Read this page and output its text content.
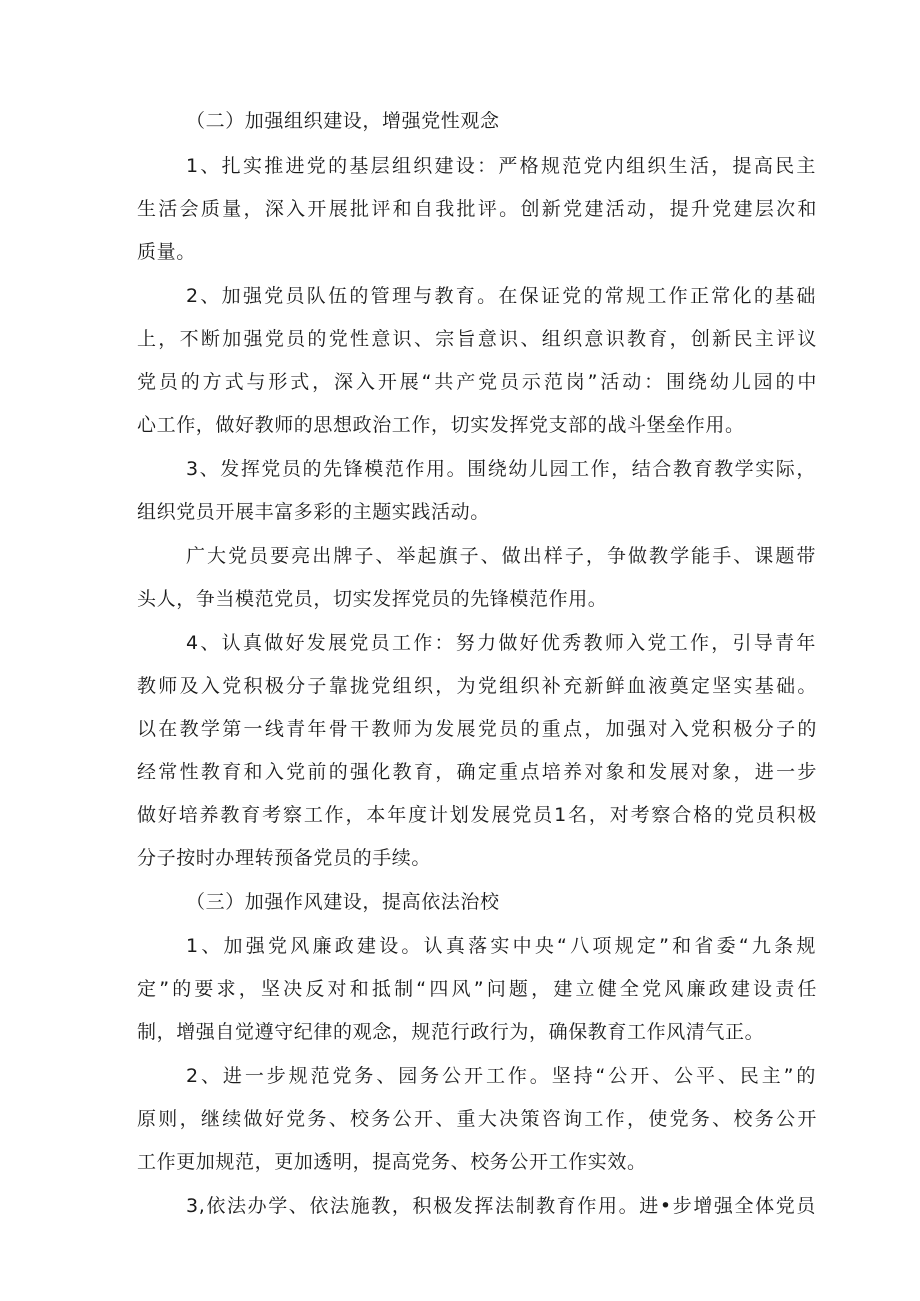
（二）加强组织建设，增强党性观念
1、扎实推进党的基层组织建设：严格规范党内组织生活，提高民主
生活会质量，深入开展批评和自我批评。创新党建活动，提升党建层次和
质量。
2、加强党员队伍的管理与教育。在保证党的常规工作正常化的基础
上，不断加强党员的党性意识、宗旨意识、组织意识教育，创新民主评议
党员的方式与形式，深入开展“共产党员示范岗”活动：围绕幼儿园的中
心工作，做好教师的思想政治工作，切实发挥党支部的战斗堡垒作用。
3、发挥党员的先锋模范作用。围绕幼儿园工作，结合教育教学实际，
组织党员开展丰富多彩的主题实践活动。
广大党员要亮出牌子、举起旗子、做出样子，争做教学能手、课题带
头人，争当模范党员，切实发挥党员的先锋模范作用。
4、认真做好发展党员工作：努力做好优秀教师入党工作，引导青年
教师及入党积极分子靠拢党组织，为党组织补充新鲜血液奠定坚实基础。
以在教学第一线青年骨干教师为发展党员的重点，加强对入党积极分子的
经常性教育和入党前的强化教育，确定重点培养对象和发展对象，进一步
做好培养教育考察工作，本年度计划发展党员1名，对考察合格的党员积极
分子按时办理转预备党员的手续。
（三）加强作风建设，提高依法治校
1、加强党风廉政建设。认真落实中央“八项规定”和省委“九条规
定”的要求，坚决反对和抵制“四风”问题，建立健全党风廉政建设责任
制，增强自觉遵守纪律的观念，规范行政行为，确保教育工作风清气正。
2、进一步规范党务、园务公开工作。坚持“公开、公平、民主”的
原则，继续做好党务、校务公开、重大决策咨询工作，使党务、校务公开
工作更加规范，更加透明，提高党务、校务公开工作实效。
3,依法办学、依法施教，积极发挥法制教育作用。进•步增强全体党员
